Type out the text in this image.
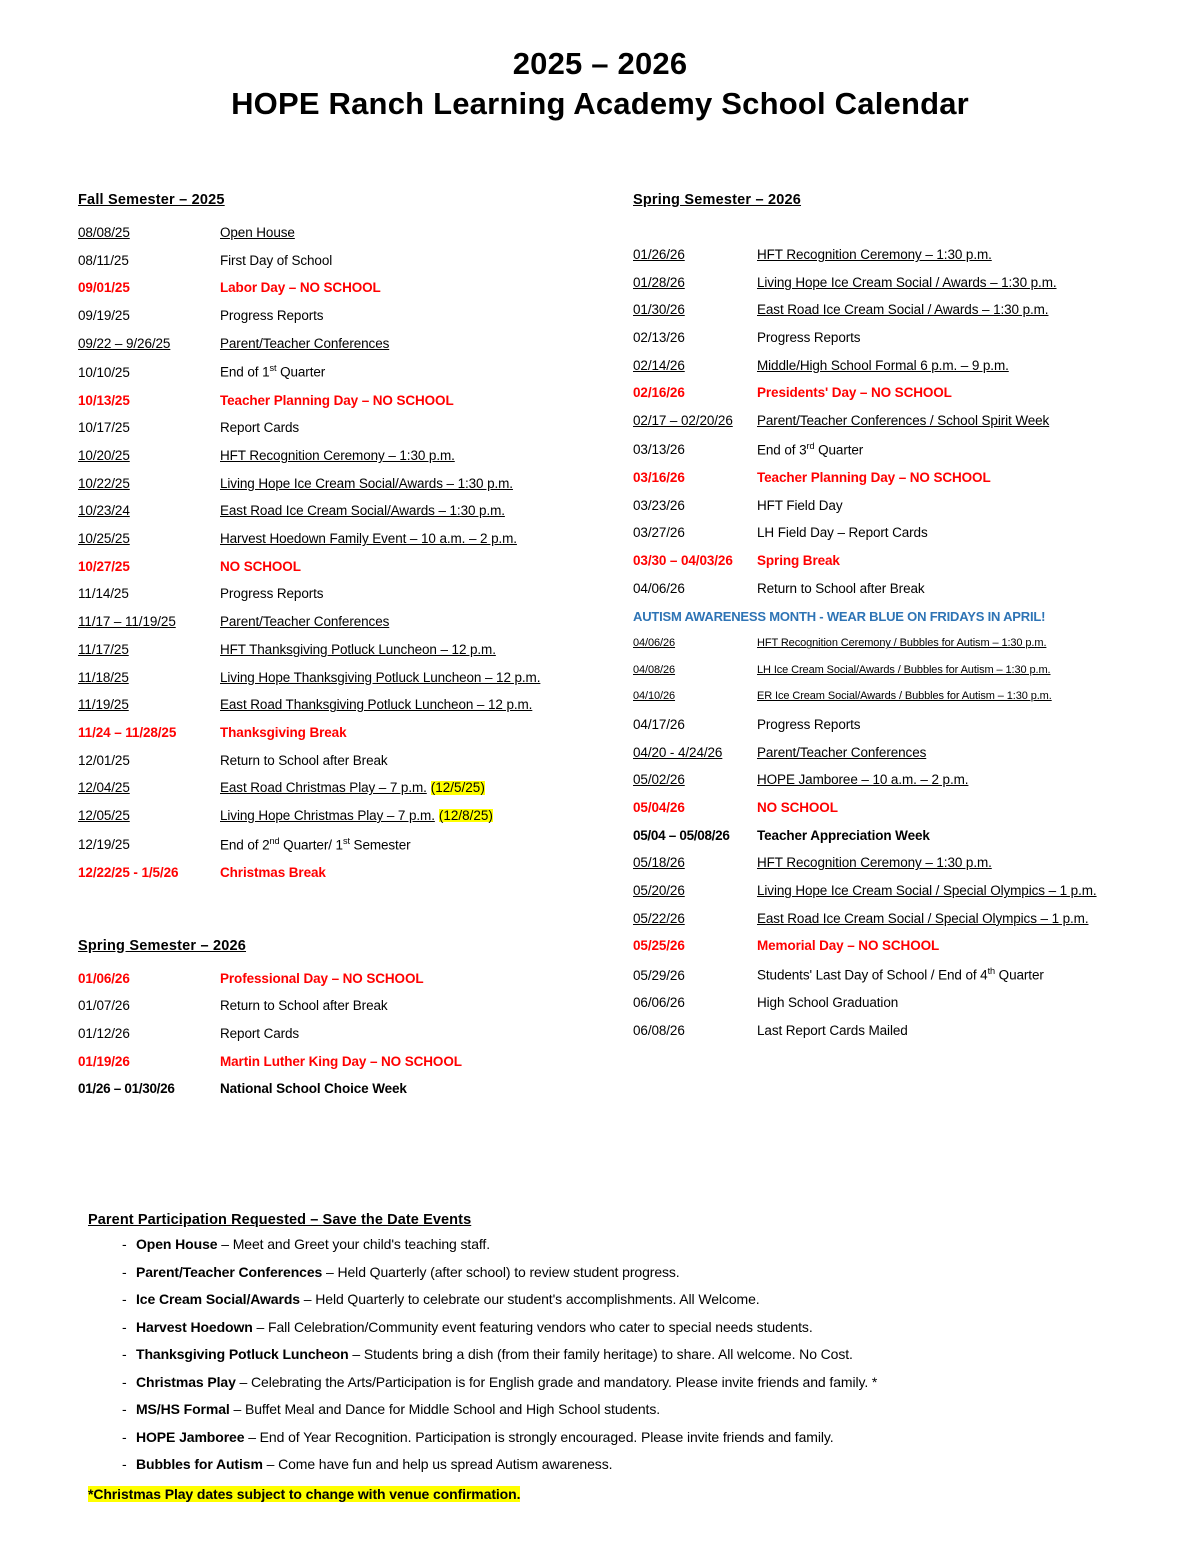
2025 – 2026
HOPE Ranch Learning Academy School Calendar
Fall Semester – 2025
08/08/25	Open House
08/11/25	First Day of School
09/01/25	Labor Day – NO SCHOOL
09/19/25	Progress Reports
09/22 – 9/26/25	Parent/Teacher Conferences
10/10/25	End of 1st Quarter
10/13/25	Teacher Planning Day – NO SCHOOL
10/17/25	Report Cards
10/20/25	HFT Recognition Ceremony – 1:30 p.m.
10/22/25	Living Hope Ice Cream Social/Awards – 1:30 p.m.
10/23/24	East Road Ice Cream Social/Awards – 1:30 p.m.
10/25/25	Harvest Hoedown Family Event – 10 a.m. – 2 p.m.
10/27/25	NO SCHOOL
11/14/25	Progress Reports
11/17 – 11/19/25	Parent/Teacher Conferences
11/17/25	HFT Thanksgiving Potluck Luncheon – 12 p.m.
11/18/25	Living Hope Thanksgiving Potluck Luncheon – 12 p.m.
11/19/25	East Road Thanksgiving Potluck Luncheon – 12 p.m.
11/24 – 11/28/25	Thanksgiving Break
12/01/25	Return to School after Break
12/04/25	East Road Christmas Play – 7 p.m. (12/5/25)
12/05/25	Living Hope Christmas Play – 7 p.m. (12/8/25)
12/19/25	End of 2nd Quarter/ 1st Semester
12/22/25 - 1/5/26	Christmas Break
Spring Semester – 2026
01/06/26	Professional Day – NO SCHOOL
01/07/26	Return to School after Break
01/12/26	Report Cards
01/19/26	Martin Luther King Day – NO SCHOOL
01/26 – 01/30/26	National School Choice Week
Spring Semester – 2026
01/26/26	HFT Recognition Ceremony – 1:30 p.m.
01/28/26	Living Hope Ice Cream Social / Awards – 1:30 p.m.
01/30/26	East Road Ice Cream Social / Awards – 1:30 p.m.
02/13/26	Progress Reports
02/14/26	Middle/High School Formal 6 p.m. – 9 p.m.
02/16/26	Presidents' Day – NO SCHOOL
02/17 – 02/20/26	Parent/Teacher Conferences / School Spirit Week
03/13/26	End of 3rd Quarter
03/16/26	Teacher Planning Day – NO SCHOOL
03/23/26	HFT Field Day
03/27/26	LH Field Day – Report Cards
03/30 – 04/03/26	Spring Break
04/06/26	Return to School after Break
AUTISM AWARENESS MONTH - WEAR BLUE ON FRIDAYS IN APRIL!
04/06/26	HFT Recognition Ceremony / Bubbles for Autism – 1:30 p.m.
04/08/26	LH Ice Cream Social/Awards / Bubbles for Autism – 1:30 p.m.
04/10/26	ER Ice Cream Social/Awards / Bubbles for Autism – 1:30 p.m.
04/17/26	Progress Reports
04/20 - 4/24/26	Parent/Teacher Conferences
05/02/26	HOPE Jamboree – 10 a.m. – 2 p.m.
05/04/26	NO SCHOOL
05/04 – 05/08/26	Teacher Appreciation Week
05/18/26	HFT Recognition Ceremony – 1:30 p.m.
05/20/26	Living Hope Ice Cream Social / Special Olympics – 1 p.m.
05/22/26	East Road Ice Cream Social / Special Olympics – 1 p.m.
05/25/26	Memorial Day – NO SCHOOL
05/29/26	Students' Last Day of School / End of 4th Quarter
06/06/26	High School Graduation
06/08/26	Last Report Cards Mailed
Parent Participation Requested – Save the Date Events
- Open House – Meet and Greet your child's teaching staff.
- Parent/Teacher Conferences – Held Quarterly (after school) to review student progress.
- Ice Cream Social/Awards – Held Quarterly to celebrate our student's accomplishments. All Welcome.
- Harvest Hoedown – Fall Celebration/Community event featuring vendors who cater to special needs students.
- Thanksgiving Potluck Luncheon – Students bring a dish (from their family heritage) to share. All welcome. No Cost.
- Christmas Play – Celebrating the Arts/Participation is for English grade and mandatory. Please invite friends and family. *
- MS/HS Formal – Buffet Meal and Dance for Middle School and High School students.
- HOPE Jamboree – End of Year Recognition. Participation is strongly encouraged. Please invite friends and family.
- Bubbles for Autism – Come have fun and help us spread Autism awareness.
*Christmas Play dates subject to change with venue confirmation.
